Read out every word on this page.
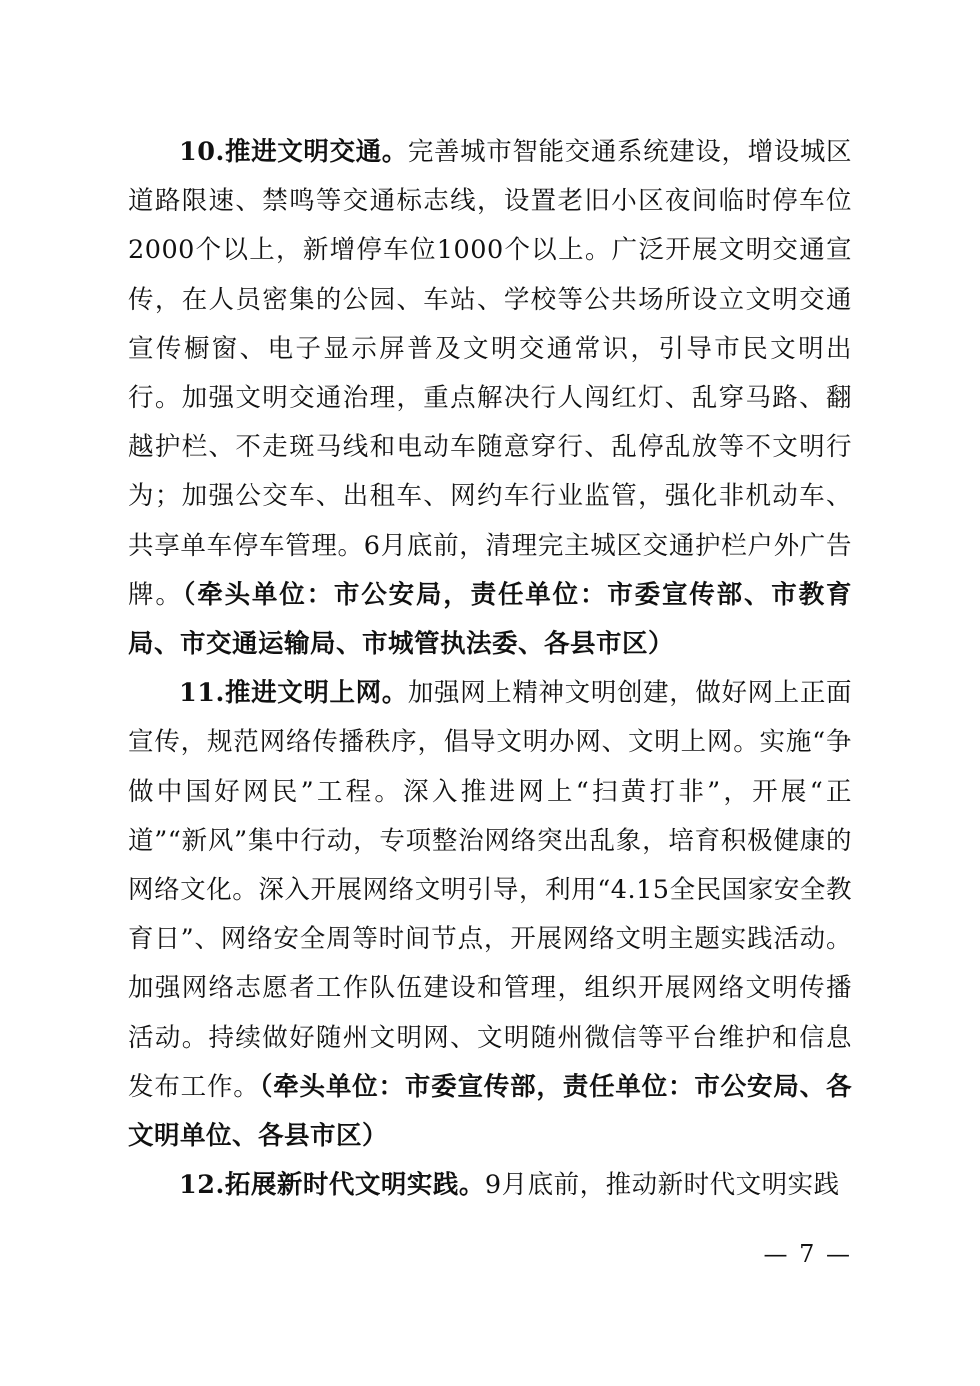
10.推进文明交通。完善城市智能交通系统建设，增设城区道路限速、禁鸣等交通标志线，设置老旧小区夜间临时停车位2000个以上，新增停车位1000个以上。广泛开展文明交通宣传，在人员密集的公园、车站、学校等公共场所设立文明交通宣传橱窗、电子显示屏普及文明交通常识，引导市民文明出行。加强文明交通治理，重点解决行人闯红灯、乱穿马路、翻越护栏、不走斑马线和电动车随意穿行、乱停乱放等不文明行为；加强公交车、出租车、网约车行业监管，强化非机动车、共享单车停车管理。6月底前，清理完主城区交通护栏户外广告牌。（牵头单位：市公安局，责任单位：市委宣传部、市教育局、市交通运输局、市城管执法委、各县市区）

11.推进文明上网。加强网上精神文明创建，做好网上正面宣传，规范网络传播秩序，倡导文明办网、文明上网。实施“争做中国好网民”工程。深入推进网上“扫黄打非”，开展“正道”“新风”集中行动，专项整治网络突出乱象，培育积极健康的网络文化。深入开展网络文明引导，利用“4.15全民国家安全教育日”、网络安全周等时间节点，开展网络文明主题实践活动。加强网络志愿者工作队伍建设和管理，组织开展网络文明传播活动。持续做好随州文明网、文明随州微信等平台维护和信息发布工作。（牵头单位：市委宣传部，责任单位：市公安局、各文明单位、各县市区）

12.拓展新时代文明实践。9月底前，推动新时代文明实践

— 7 —
